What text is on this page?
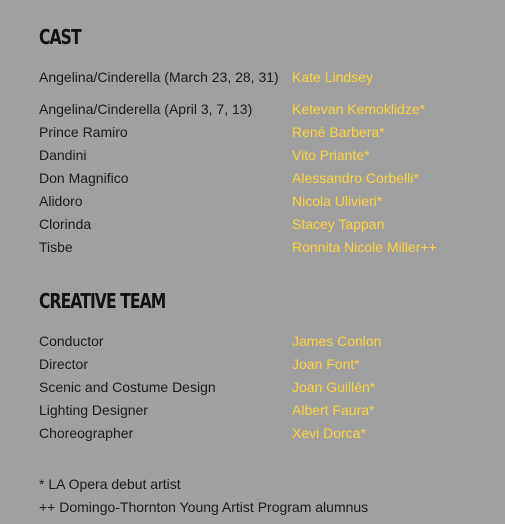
CAST
Angelina/Cinderella (March 23, 28, 31) Kate Lindsey
Angelina/Cinderella (April 3, 7, 13)	Ketevan Kemoklidze*
Prince Ramiro	René Barbera*
Dandini	Vito Priante*
Don Magnifico	Alessandro Corbelli*
Alidoro	Nicola Ulivieri*
Clorinda	Stacey Tappan
Tisbe	Ronnita Nicole Miller++
CREATIVE TEAM
Conductor	James Conlon
Director	Joan Font*
Scenic and Costume Design	Joan Guillén*
Lighting Designer	Albert Faura*
Choreographer	Xevi Dorca*
* LA Opera debut artist
++ Domingo-Thornton Young Artist Program alumnus
